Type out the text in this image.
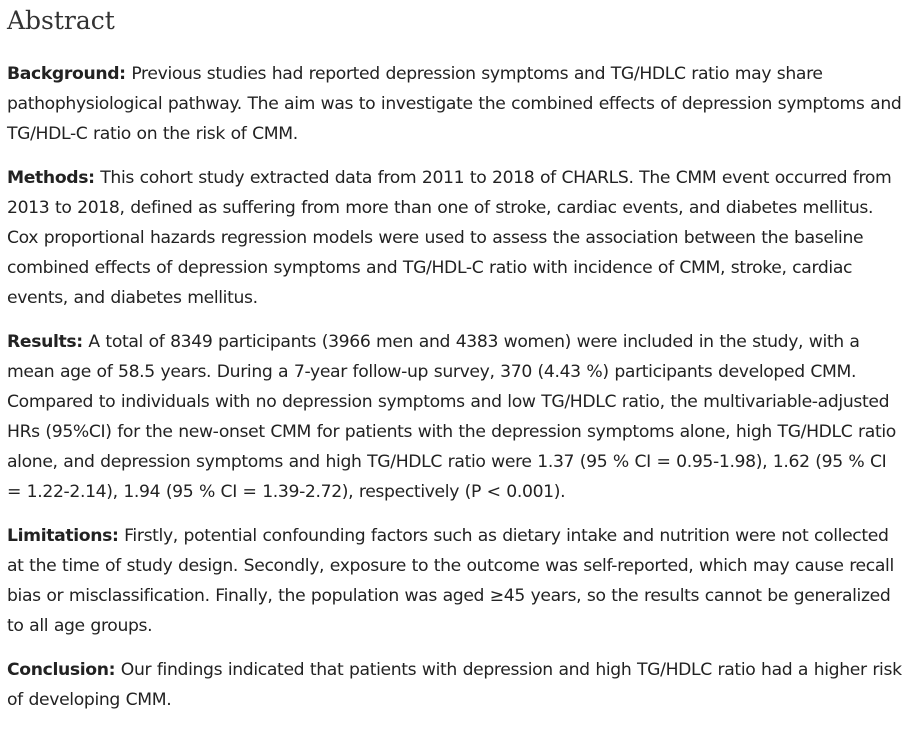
Abstract

Background: Previous studies had reported depression symptoms and TG/HDLC ratio may share pathophysiological pathway. The aim was to investigate the combined effects of depression symptoms and TG/HDL-C ratio on the risk of CMM.

Methods: This cohort study extracted data from 2011 to 2018 of CHARLS. The CMM event occurred from 2013 to 2018, defined as suffering from more than one of stroke, cardiac events, and diabetes mellitus. Cox proportional hazards regression models were used to assess the association between the baseline combined effects of depression symptoms and TG/HDL-C ratio with incidence of CMM, stroke, cardiac events, and diabetes mellitus.

Results: A total of 8349 participants (3966 men and 4383 women) were included in the study, with a mean age of 58.5 years. During a 7-year follow-up survey, 370 (4.43 %) participants developed CMM. Compared to individuals with no depression symptoms and low TG/HDLC ratio, the multivariable-adjusted HRs (95%CI) for the new-onset CMM for patients with the depression symptoms alone, high TG/HDLC ratio alone, and depression symptoms and high TG/HDLC ratio were 1.37 (95 % CI = 0.95-1.98), 1.62 (95 % CI = 1.22-2.14), 1.94 (95 % CI = 1.39-2.72), respectively (P < 0.001).

Limitations: Firstly, potential confounding factors such as dietary intake and nutrition were not collected at the time of study design. Secondly, exposure to the outcome was self-reported, which may cause recall bias or misclassification. Finally, the population was aged ≥45 years, so the results cannot be generalized to all age groups.

Conclusion: Our findings indicated that patients with depression and high TG/HDLC ratio had a higher risk of developing CMM.
